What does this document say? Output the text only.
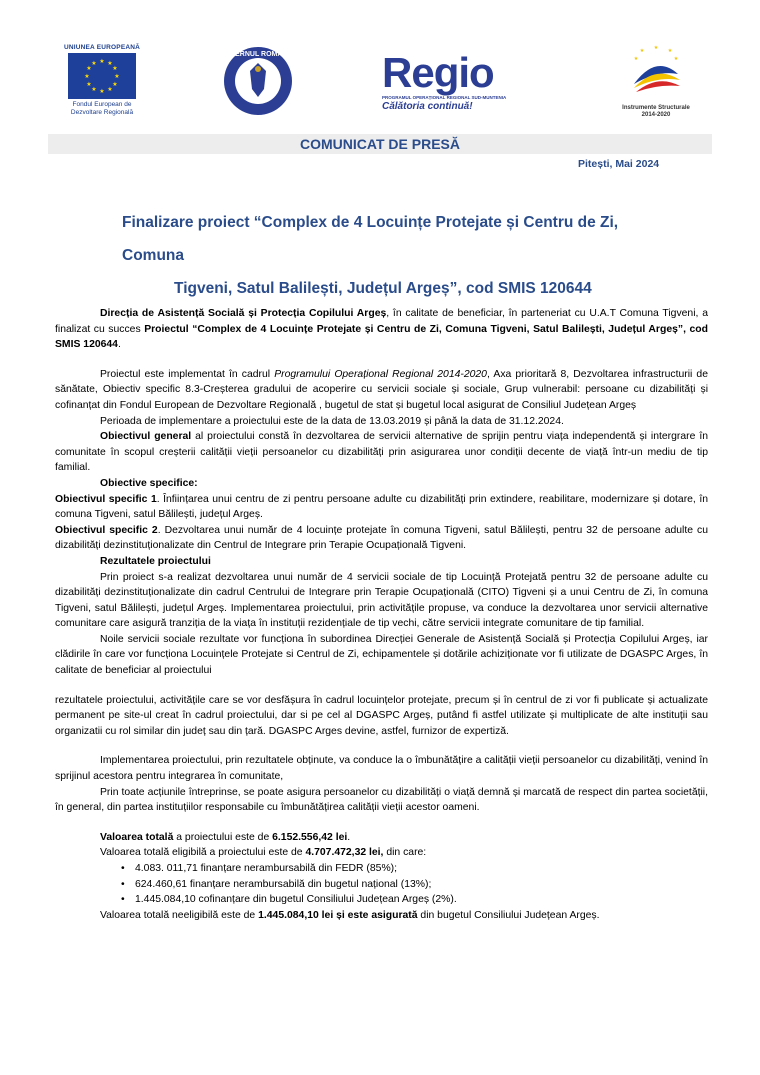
UNIUNEA EUROPEANĂ
★ ★
★
★
★
★
★
★
★
★
★
★
Fondul European de
Dezvoltare Regională
GUVERNUL ROMÂNIEI Regio
PROGRAMUL OPERAȚIONAL REGIONAL SUD-MUNTENIA
Călătoria continuă!
★ ★ ★
★	★
Instrumente Structurale
2014-2020
COMUNICAT DE PRESĂ
Pitești, Mai 2024
Finalizare proiect “Complex de 4 Locuințe Protejate și Centru de Zi, Comuna
Tigveni, Satul Balilești, Județul Argeș”, cod SMIS 120644

Direcția de Asistență Socială și Protecția Copilului Argeș, în calitate de beneficiar, în parteneriat cu U.A.T Comuna Tigveni, a finalizat cu succes Proiectul “Complex de 4 Locuințe Protejate și Centru de Zi, Comuna Tigveni, Satul Balilești, Județul Argeș”, cod SMIS 120644.

Proiectul este implementat în cadrul Programului Operațional Regional 2014-2020, Axa prioritară 8, Dezvoltarea infrastructurii de sănătate, Obiectiv specific 8.3-Creșterea gradului de acoperire cu servicii sociale și sociale, Grup vulnerabil: persoane cu dizabilități și cofinanțat din Fondul European de Dezvoltare Regională , bugetul de stat și bugetul local asigurat de Consiliul Județean Argeș

Perioada de implementare a proiectului este de la data de 13.03.2019 și până la data de 31.12.2024.

Obiectivul general al proiectului constă în dezvoltarea de servicii alternative de sprijin pentru viața independentă și intergrare în comunitate în scopul creșterii calității vieții persoanelor cu dizabilități prin asigurarea unor condiții decente de viață într-un mediu de tip familial.

Obiective specifice:

Obiectivul specific 1. Înființarea unui centru de zi pentru persoane adulte cu dizabilități prin extindere, reabilitare, modernizare și dotare, în comuna Tigveni, satul Bălilești, județul Argeș.

Obiectivul specific 2. Dezvoltarea unui număr de 4 locuințe protejate în comuna Tigveni, satul Bălilești, pentru 32 de persoane adulte cu dizabilități dezinstituționalizate din Centrul de Integrare prin Terapie Ocupațională Tigveni.

Rezultatele proiectului

Prin proiect s-a realizat dezvoltarea unui număr de 4 servicii sociale de tip Locuință Protejată pentru 32 de persoane adulte cu dizabilități dezinstituționalizate din cadrul Centrului de Integrare prin Terapie Ocupațională (CITO) Tigveni și a unui Centru de Zi, în comuna Tigveni, satul Bălilești, județul Argeș. Implementarea proiectului, prin activitățile propuse, va conduce la dezvoltarea unor servicii alternative comunitare care asigură tranziția de la viața în instituții rezidențiale de tip vechi, către servicii integrate comunitare de tip familial.

Noile servicii sociale rezultate vor funcționa în subordinea Direcției Generale de Asistență Socială și Protecția Copilului Argeș, iar clădirile în care vor funcționa Locuințele Protejate si Centrul de Zi, echipamentele și dotările achiziționate vor fi utilizate de DGASPC Arges, în calitate de beneficiar al proiectului

rezultatele proiectului, activitățile care se vor desfășura în cadrul locuințelor protejate, precum și în centrul de zi vor fi publicate și actualizate permanent pe site-ul creat în cadrul proiectului, dar si pe cel al DGASPC Argeș, putând fi astfel utilizate și multiplicate de alte instituții sau organizatii cu rol similar din județ sau din țară. DGASPC Arges devine, astfel, furnizor de expertiză.

Implementarea proiectului, prin rezultatele obținute, va conduce la o îmbunătățire a calității vieții persoanelor cu dizabilități, venind în sprijinul acestora pentru integrarea în comunitate,

Prin toate acțiunile întreprinse, se poate asigura persoanelor cu dizabilități o viață demnă și marcată de respect din partea societății, în general, din partea instituțiilor responsabile cu îmbunătățirea calității vieții acestor oameni.

Valoarea totală a proiectului este de 6.152.556,42 lei.

Valoarea totală eligibilă a proiectului este de 4.707.472,32 lei, din care:

• 4.083. 011,71 finanțare nerambursabilă din FEDR (85%);
• 624.460,61 finanțare nerambursabilă din bugetul național (13%);
• 1.445.084,10 cofinanțare din bugetul Consiliului Județean Argeș (2%).

Valoarea totală neeligibilă este de 1.445.084,10 lei și este asigurată din bugetul Consiliului Județean Argeș.
